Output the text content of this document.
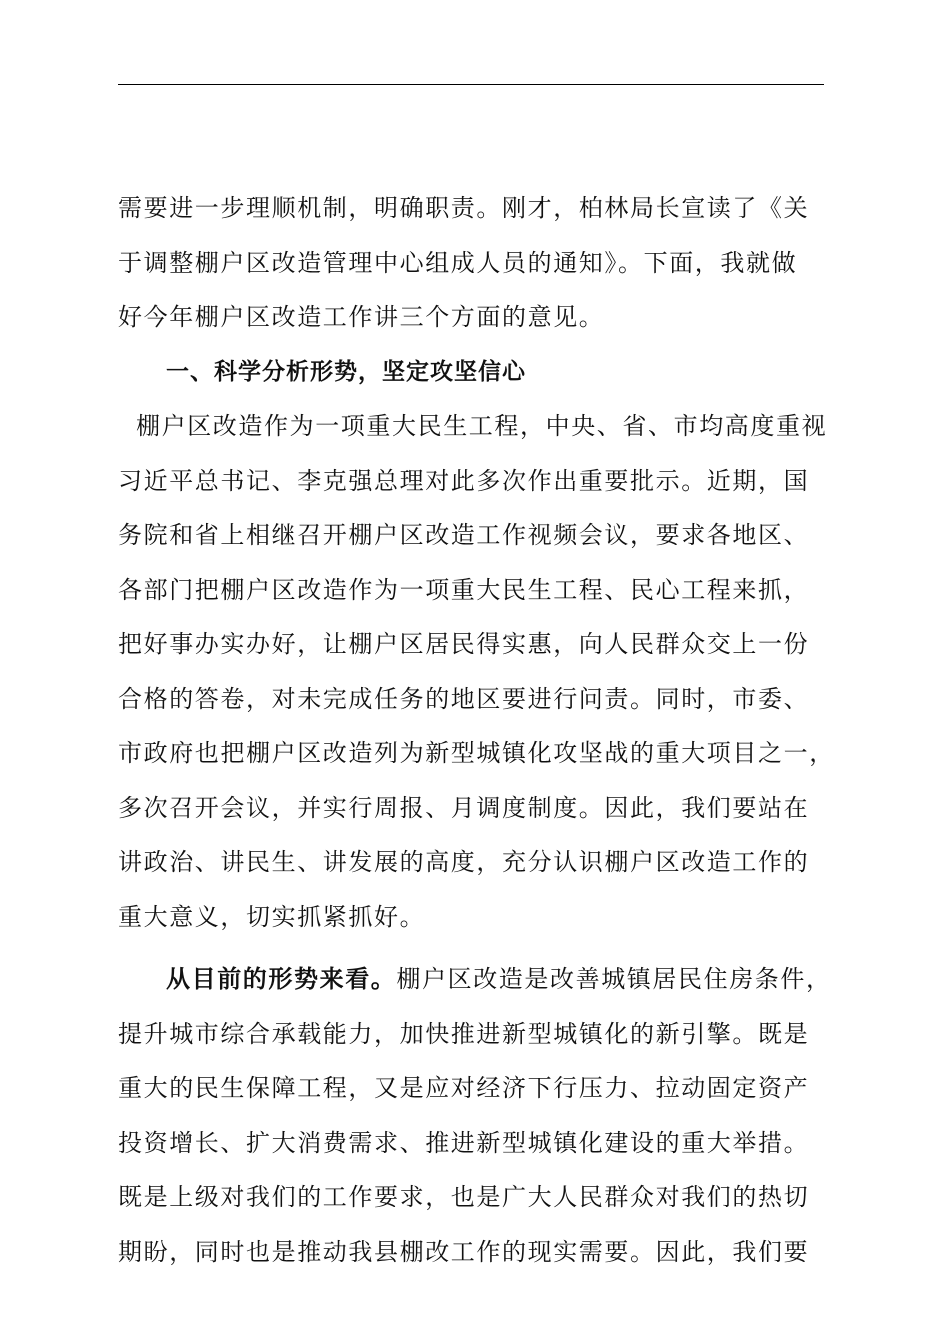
需要进一步理顺机制，明确职责。刚才，柏林局长宣读了《关
于调整棚户区改造管理中心组成人员的通知》。下面，我就做
好今年棚户区改造工作讲三个方面的意见。
一、科学分析形势，坚定攻坚信心
棚户区改造作为一项重大民生工程，中央、省、市均高度重视
习近平总书记、李克强总理对此多次作出重要批示。近期，国
务院和省上相继召开棚户区改造工作视频会议，要求各地区、
各部门把棚户区改造作为一项重大民生工程、民心工程来抓，
把好事办实办好，让棚户区居民得实惠，向人民群众交上一份
合格的答卷，对未完成任务的地区要进行问责。同时，市委、
市政府也把棚户区改造列为新型城镇化攻坚战的重大项目之一，
多次召开会议，并实行周报、月调度制度。因此，我们要站在
讲政治、讲民生、讲发展的高度，充分认识棚户区改造工作的
重大意义，切实抓紧抓好。
从目前的形势来看。棚户区改造是改善城镇居民住房条件，
提升城市综合承载能力，加快推进新型城镇化的新引擎。既是
重大的民生保障工程，又是应对经济下行压力、拉动固定资产
投资增长、扩大消费需求、推进新型城镇化建设的重大举措。
既是上级对我们的工作要求，也是广大人民群众对我们的热切
期盼，同时也是推动我县棚改工作的现实需要。因此，我们要
